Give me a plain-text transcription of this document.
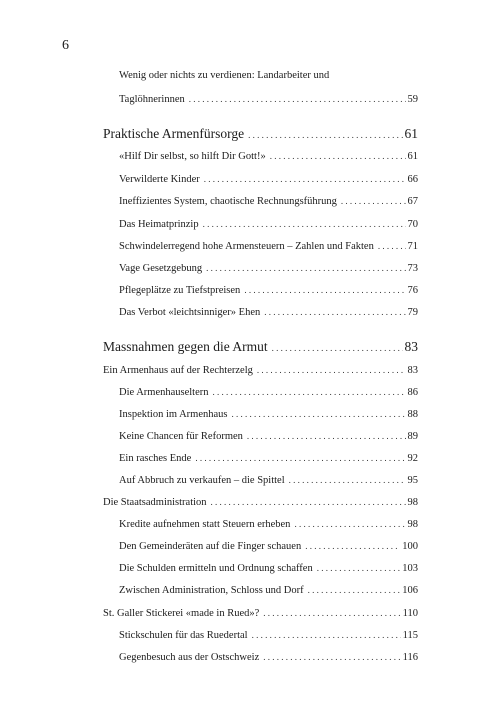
6
Wenig oder nichts zu verdienen: Landarbeiter und
Taglöhnerinnen . . .	59
Praktische Armenfürsorge . . .	61
«Hilf Dir selbst, so hilft Dir Gott!» . . .	61
Verwilderte Kinder . . .	66
Ineffizientes System, chaotische Rechnungsführung . . .	67
Das Heimatprinzip . . .	70
Schwindelerregend hohe Armensteuern – Zahlen und Fakten . . .	71
Vage Gesetzgebung . . .	73
Pflegeplätze zu Tiefstpreisen . . .	76
Das Verbot «leichtsinniger» Ehen . . .	79
Massnahmen gegen die Armut . . .	83
Ein Armenhaus auf der Rechterzelg . . .	83
Die Armenhauseltern . . .	86
Inspektion im Armenhaus . . .	88
Keine Chancen für Reformen . . .	89
Ein rasches Ende . . .	92
Auf Abbruch zu verkaufen – die Spittel . . .	95
Die Staatsadministration . . .	98
Kredite aufnehmen statt Steuern erheben . . .	98
Den Gemeinderäten auf die Finger schauen . . .	100
Die Schulden ermitteln und Ordnung schaffen . . .	103
Zwischen Administration, Schloss und Dorf . . .	106
St. Galler Stickerei «made in Rued»? . . .	110
Stickschulen für das Ruedertal . . .	115
Gegenbesuch aus der Ostschweiz . . .	116
